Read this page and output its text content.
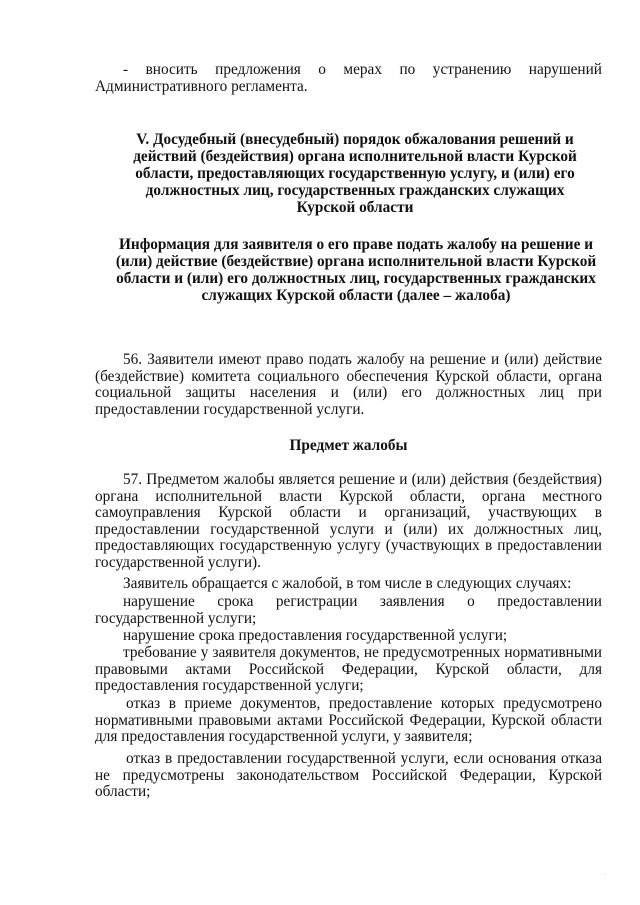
- вносить предложения о мерах по устранению нарушений Административного регламента.

V. Досудебный (внесудебный) порядок обжалования решений и действий (бездействия) органа исполнительной власти Курской области, предоставляющих государственную услугу, и (или) его должностных лиц, государственных гражданских служащих Курской области

Информация для заявителя о его праве подать жалобу на решение и (или) действие (бездействие) органа исполнительной власти Курской области и (или) его должностных лиц, государственных гражданских служащих Курской области (далее – жалоба)

56. Заявители имеют право подать жалобу на решение и (или) действие (бездействие) комитета социального обеспечения Курской области, органа социальной защиты населения и (или) его должностных лиц при предоставлении государственной услуги.

Предмет жалобы

57. Предметом жалобы является решение и (или) действия (бездействия) органа исполнительной власти Курской области, органа местного самоуправления Курской области и организаций, участвующих в предоставлении государственной услуги и (или) их должностных лиц, предоставляющих государственную услугу (участвующих в предоставлении государственной услуги).

Заявитель обращается с жалобой, в том числе в следующих случаях:

нарушение срока регистрации заявления о предоставлении государственной услуги;

нарушение срока предоставления государственной услуги;

требование у заявителя документов, не предусмотренных нормативными правовыми актами Российской Федерации, Курской области, для предоставления государственной услуги;

отказ в приеме документов, предоставление которых предусмотрено нормативными правовыми актами Российской Федерации, Курской области для предоставления государственной услуги, у заявителя;

отказ в предоставлении государственной услуги, если основания отказа не предусмотрены законодательством Российской Федерации, Курской области;

·
